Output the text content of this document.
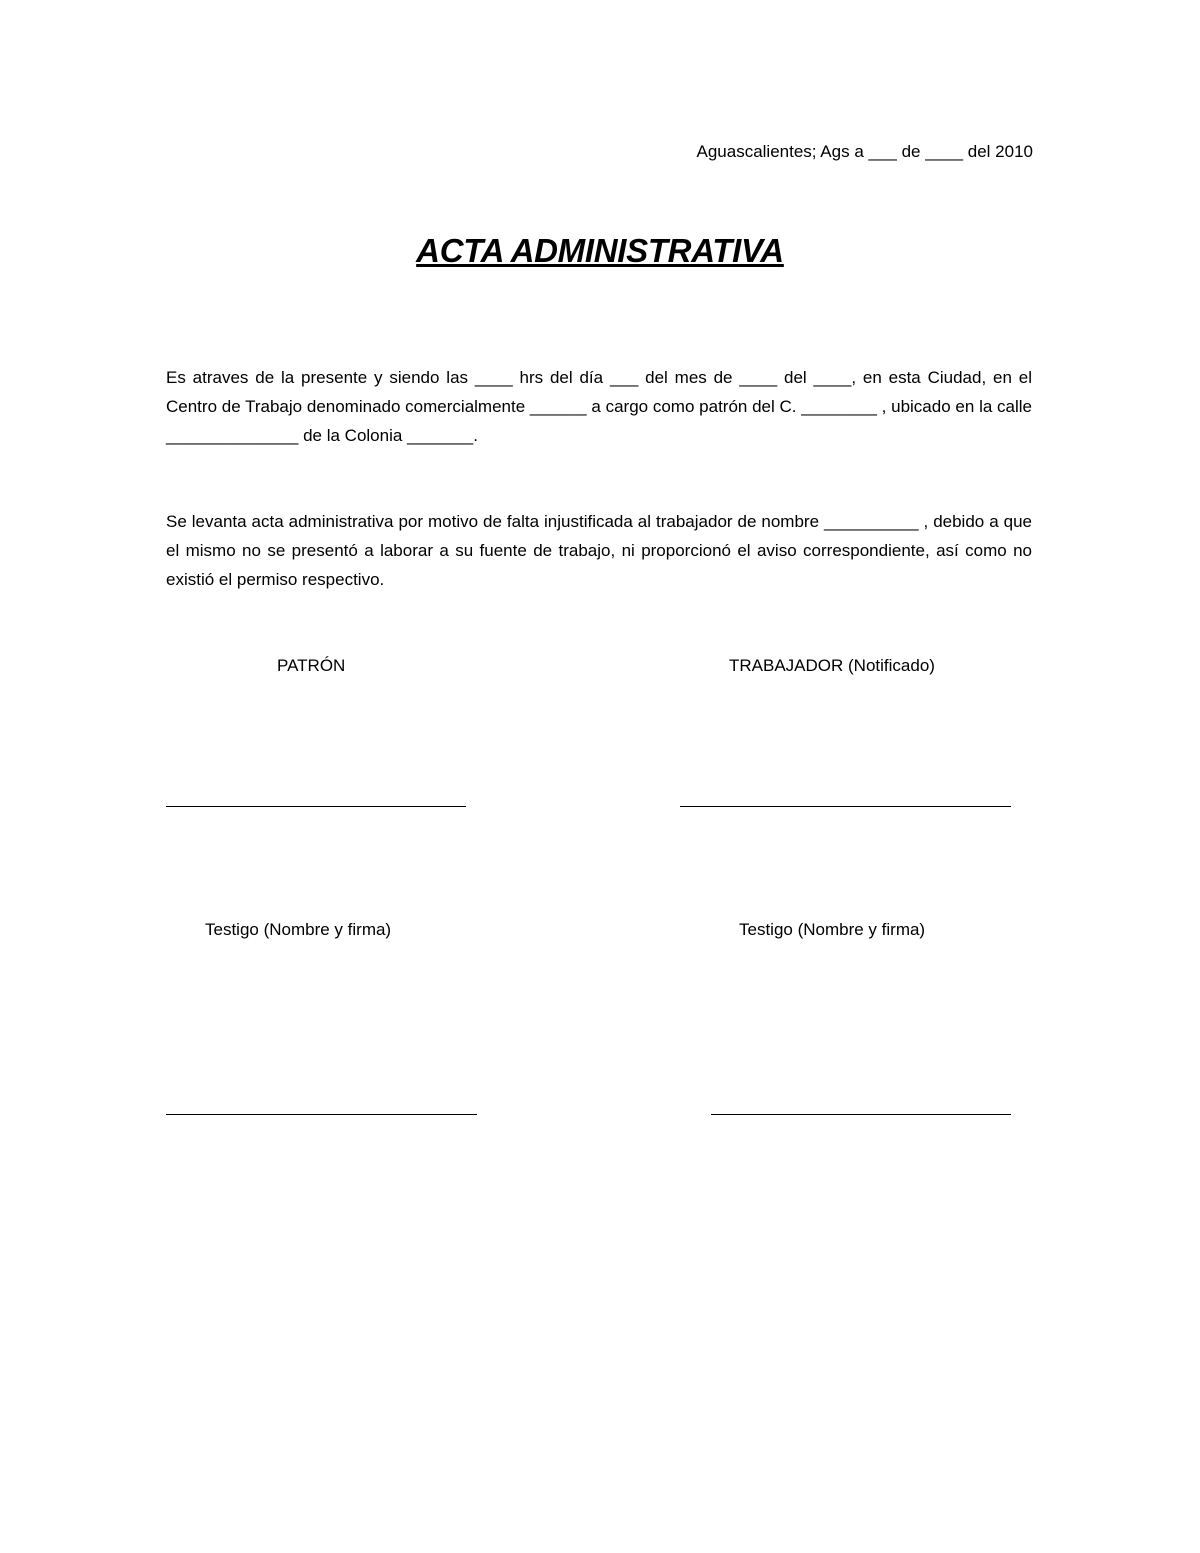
Aguascalientes; Ags a ___ de ____ del 2010
ACTA ADMINISTRATIVA
Es atraves de la presente y siendo las ____ hrs del día ___ del mes de ____ del ____, en esta Ciudad, en el Centro de Trabajo denominado comercialmente ______ a cargo como patrón del C. ________ , ubicado en la calle ______________ de la Colonia _______.
Se levanta acta administrativa por motivo de falta injustificada al trabajador de nombre __________ , debido a que el mismo no se presentó a laborar a su fuente de trabajo, ni proporcionó el aviso correspondiente, así como no existió el permiso respectivo.
PATRÓN	TRABAJADOR (Notificado)
Testigo (Nombre y firma)	Testigo (Nombre y firma)
